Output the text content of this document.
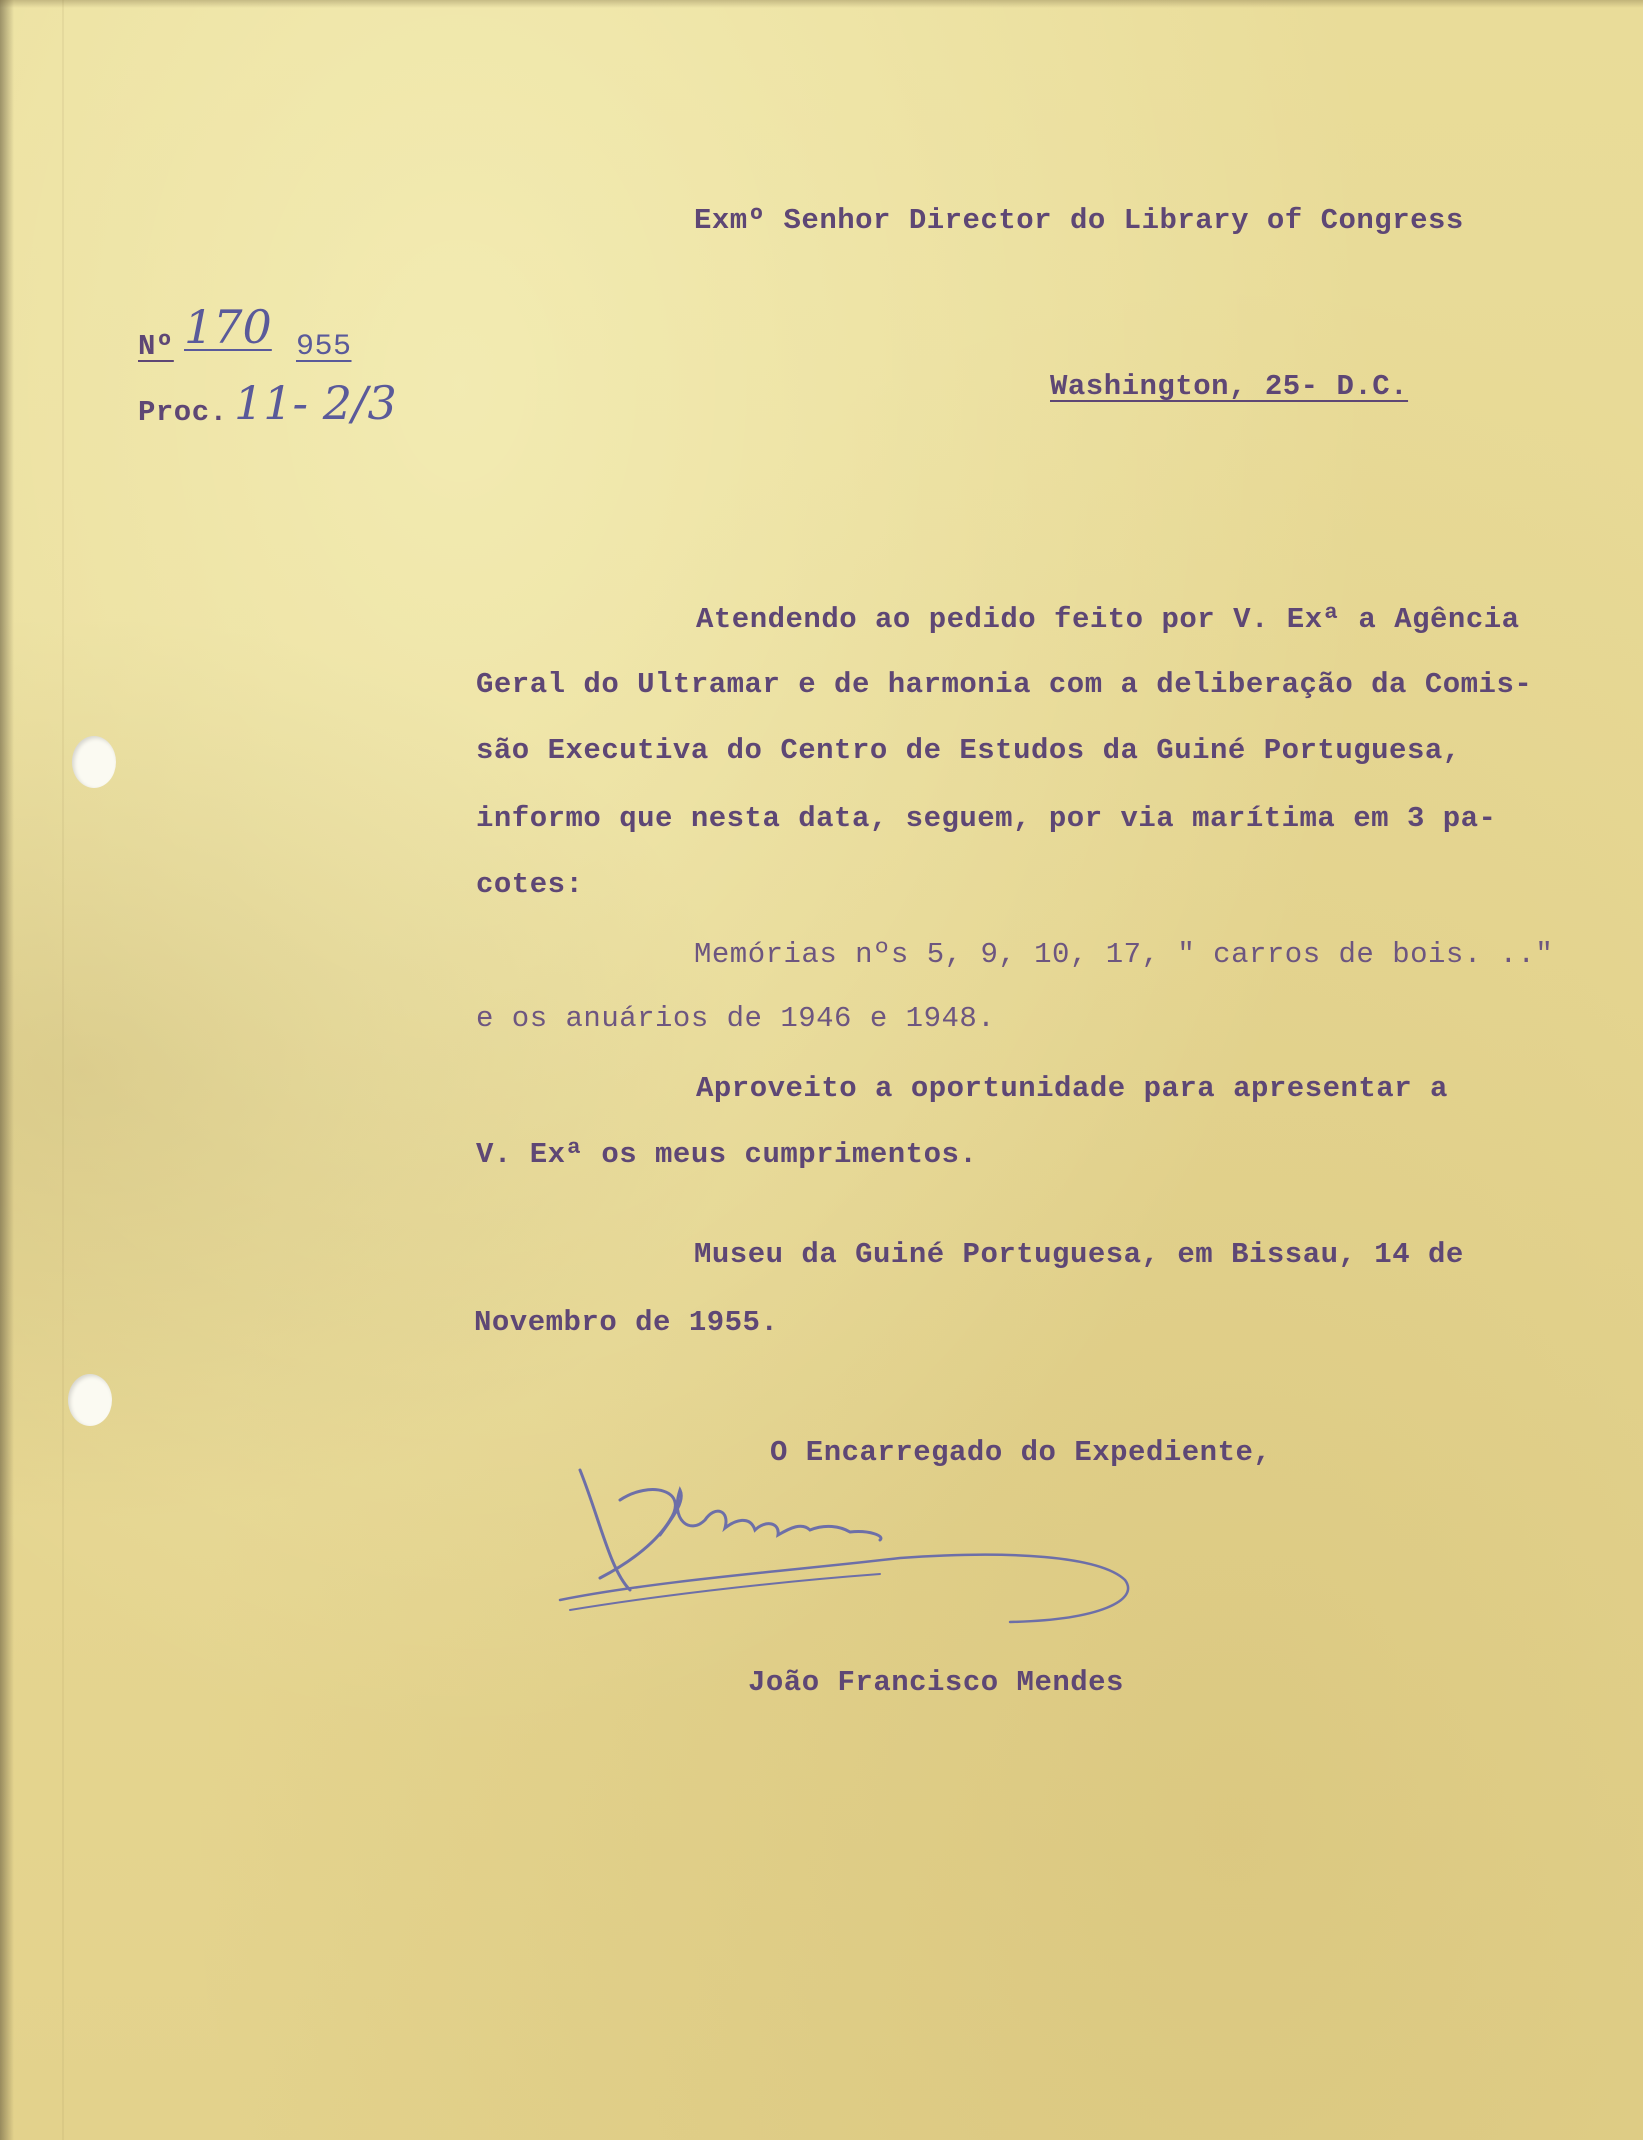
Exmº Senhor Director do Library of Congress

Washington, 25- D.C.

Nº 170 955
Proc. 11- 2/3

Atendendo ao pedido feito por V. Exª a Agência

Geral do Ultramar e de harmonia com a deliberação da Comis-

são Executiva do Centro de Estudos da Guiné Portuguesa,

informo que nesta data, seguem, por via marítima em 3 pa-

cotes:

Memórias nºs 5, 9, 10, 17, " carros de bois. .."

e os anuários de 1946 e 1948.

Aproveito a oportunidade para apresentar a

V. Exª os meus cumprimentos.

Museu da Guiné Portuguesa, em Bissau, 14 de

Novembro de 1955.

O Encarregado do Expediente,

João Francisco Mendes
